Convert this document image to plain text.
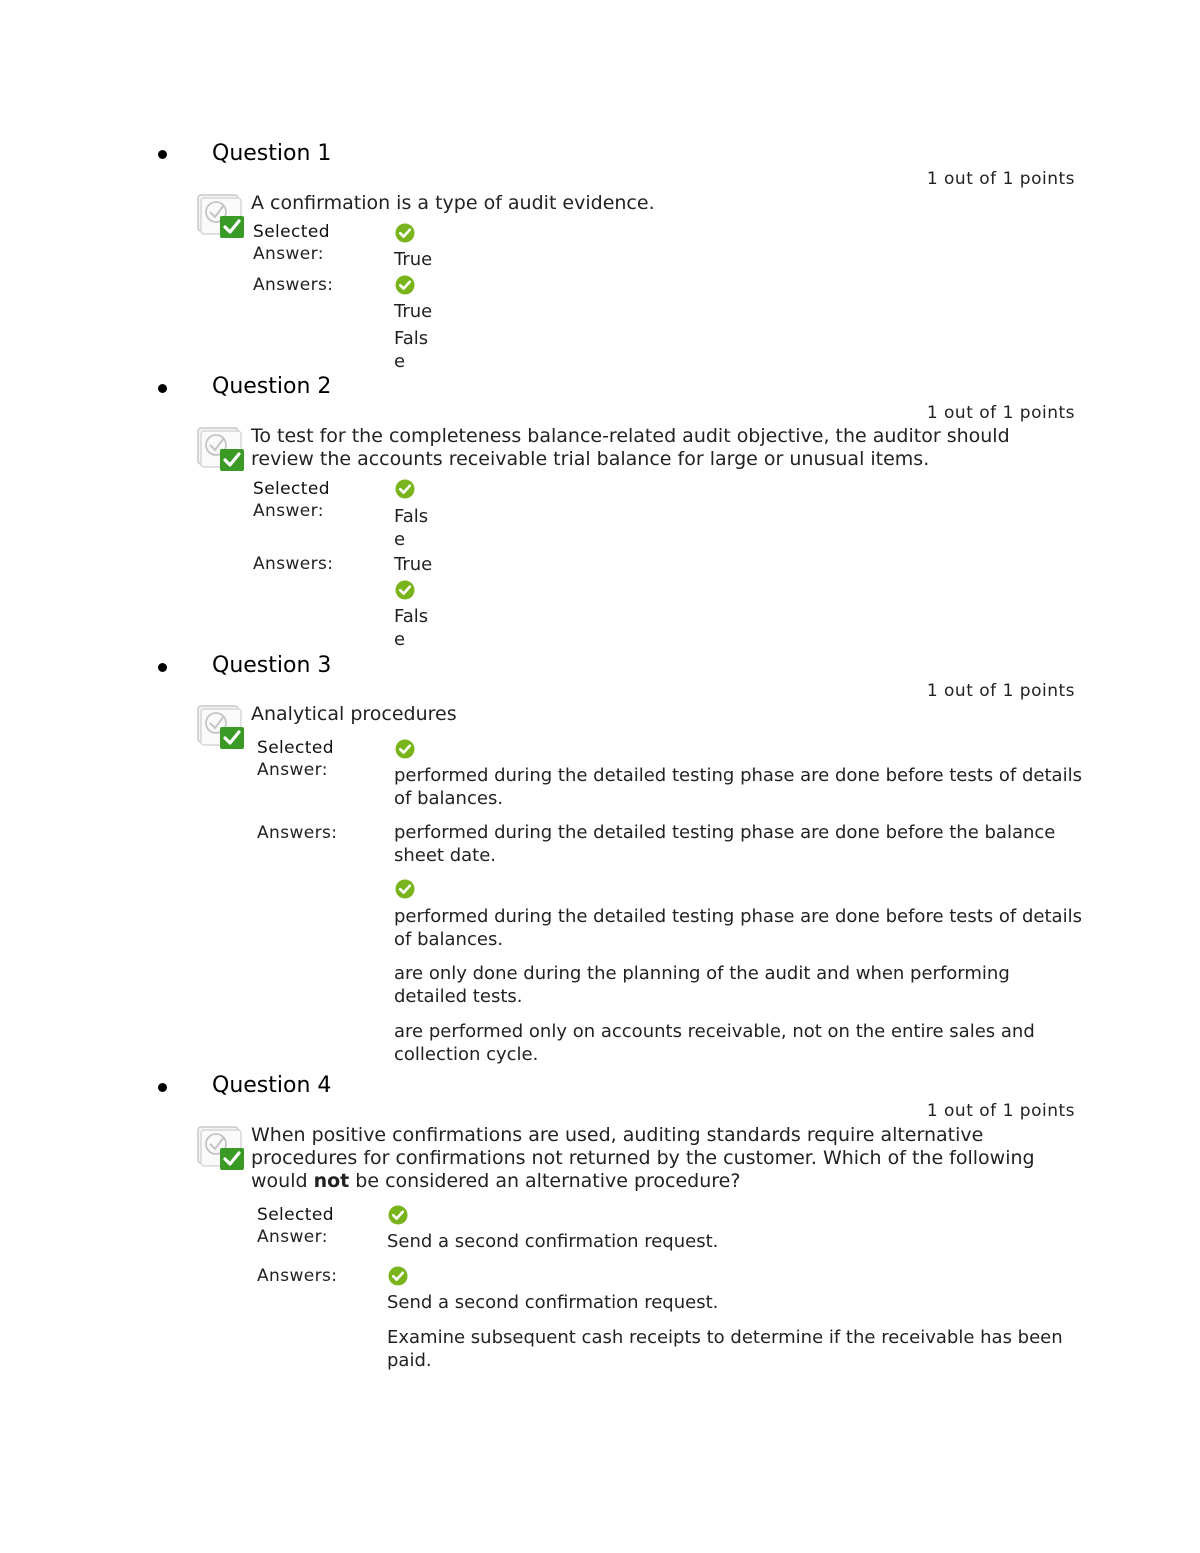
Question 1
1 out of 1 points
A confirmation is a type of audit evidence.
Selected
Answer:	True
Answers:
True
False
Question 2
1 out of 1 points
To test for the completeness balance-related audit objective, the auditor should review the accounts receivable trial balance for large or unusual items.
Selected
Answer:	False
Answers:	True
False
Question 3
1 out of 1 points
Analytical procedures
Selected
Answer:	performed during the detailed testing phase are done before tests of details of balances.
Answers:	performed during the detailed testing phase are done before the balance sheet date.
performed during the detailed testing phase are done before tests of details of balances.
are only done during the planning of the audit and when performing detailed tests.
are performed only on accounts receivable, not on the entire sales and collection cycle.
Question 4
1 out of 1 points
When positive confirmations are used, auditing standards require alternative procedures for confirmations not returned by the customer. Which of the following would not be considered an alternative procedure?
Selected
Answer:	Send a second confirmation request.
Answers:
Send a second confirmation request.
Examine subsequent cash receipts to determine if the receivable has been paid.
